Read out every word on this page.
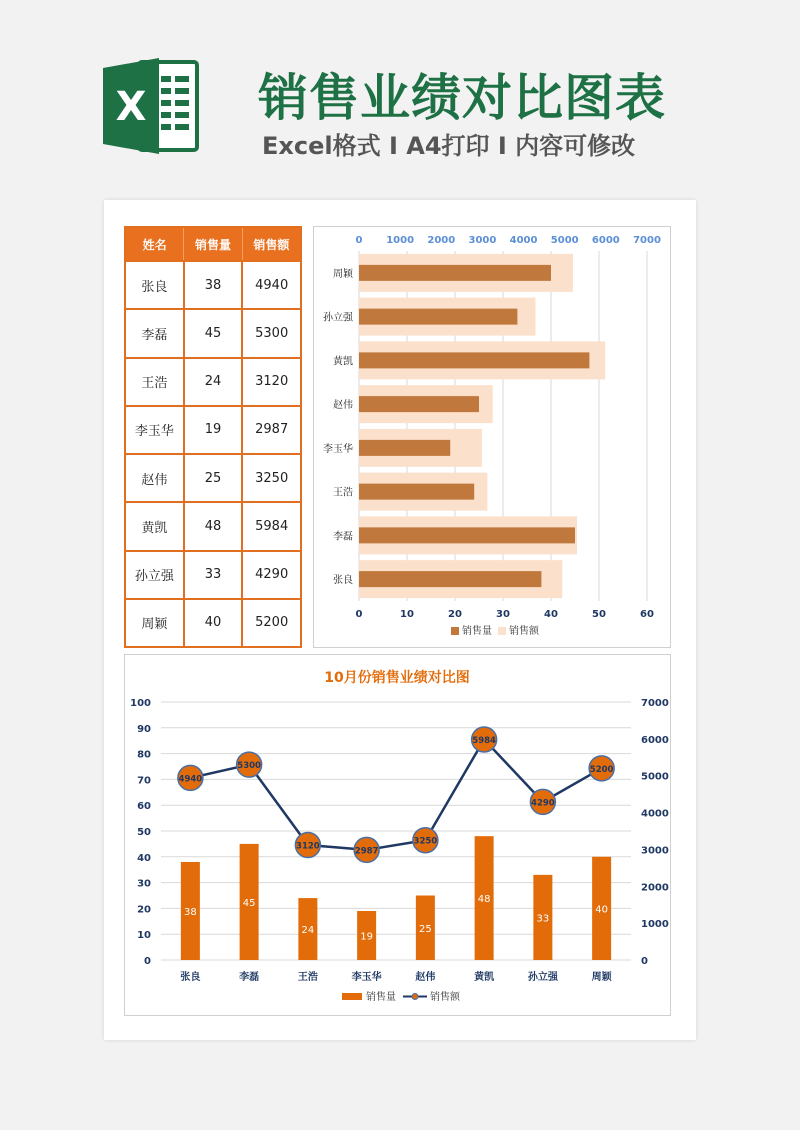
X 销售业绩对比图表
Excel格式 Ⅰ A4打印 Ⅰ 内容可修改
姓名	销售量	销售额
张良	38	4940
李磊	45	5300
王浩	24	3120
李玉华	19	2987
赵伟	25	3250
黄凯	48	5984
孙立强	33	4290
周颖	40	5200
0	10	20	30	40	50	60
0 1000 2000 3000 4000 5000 6000 7000
周颖
孙立强
黄凯
赵伟
李玉华
王浩
李磊
张良
销售量 销售额
10月份销售业绩对比图
0
10
20
30
40
50
60
70
80
90
100
0
1000
2000
3000
4000
5000
6000
7000
38
张良
45
李磊
24
王浩
19
李玉华
25
赵伟
48
黄凯
33
孙立强
40
周颖
4940
5300
3120	2987
3250
5984
4290
5200
销售量	销售额
